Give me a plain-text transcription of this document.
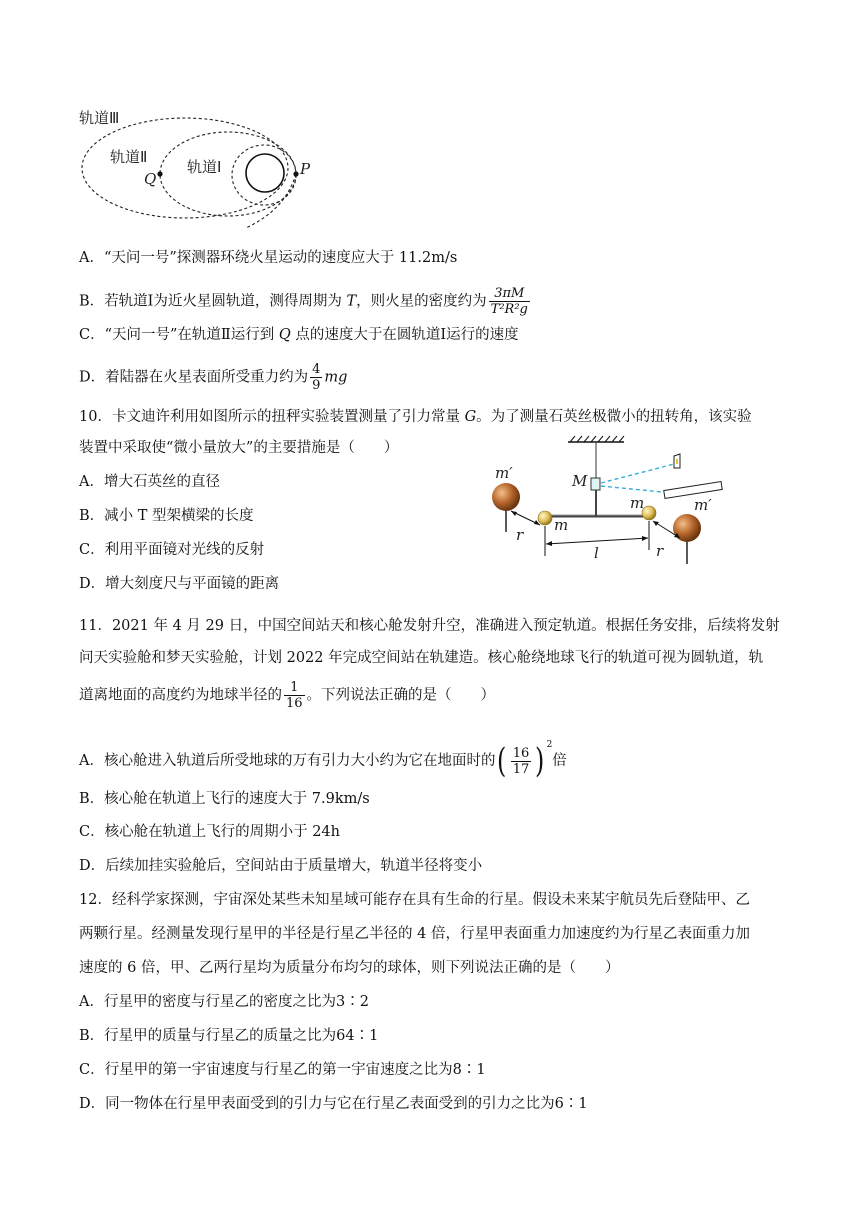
轨道Ⅲ
轨道Ⅱ
轨道Ⅰ
Q
P
A．“天问一号”探测器环绕火星运动的速度应大于 11.2m/s
B．若轨道Ⅰ为近火星圆轨道，测得周期为 T，则火星的密度约为 $\frac{3\pi M}{\text{T²R²g}}$
C．“天问一号”在轨道Ⅱ运行到 Q 点的速度大于在圆轨道Ⅰ运行的速度
D．着陆器在火星表面所受重力约为 $\frac{4}{9}$ mg
10．卡文迪许利用如图所示的扭秤实验装置测量了引力常量 G。为了测量石英丝极微小的扭转角，该实验
装置中采取使“微小量放大”的主要措施是（　　）
A．增大石英丝的直径
B．减小 T 型架横梁的长度
C．利用平面镜对光线的反射
D．增大刻度尺与平面镜的距离
m′	M
m
m	m′
r
l	r
11．2021 年 4 月 29 日，中国空间站天和核心舱发射升空，准确进入预定轨道。根据任务安排，后续将发射
问天实验舱和梦天实验舱，计划 2022 年完成空间站在轨建造。核心舱绕地球飞行的轨道可视为圆轨道，轨
道离地面的高度约为地球半径的 $\frac{1}{16}$ 。下列说法正确的是（　　）
A．核心舱进入轨道后所受地球的万有引力大小约为它在地面时的( $\frac{16}{17}$ ) $^2$倍
B．核心舱在轨道上飞行的速度大于 7.9km/s
C．核心舱在轨道上飞行的周期小于 24h
D．后续加挂实验舱后，空间站由于质量增大，轨道半径将变小
12．经科学家探测，宇宙深处某些未知星域可能存在具有生命的行星。假设未来某宇航员先后登陆甲、乙
两颗行星。经测量发现行星甲的半径是行星乙半径的 4 倍，行星甲表面重力加速度约为行星乙表面重力加
速度的 6 倍，甲、乙两行星均为质量分布均匀的球体，则下列说法正确的是（　　）
A．行星甲的密度与行星乙的密度之比为3∶2
B．行星甲的质量与行星乙的质量之比为64∶1
C．行星甲的第一宇宙速度与行星乙的第一宇宙速度之比为8∶1
D．同一物体在行星甲表面受到的引力与它在行星乙表面受到的引力之比为6∶1
